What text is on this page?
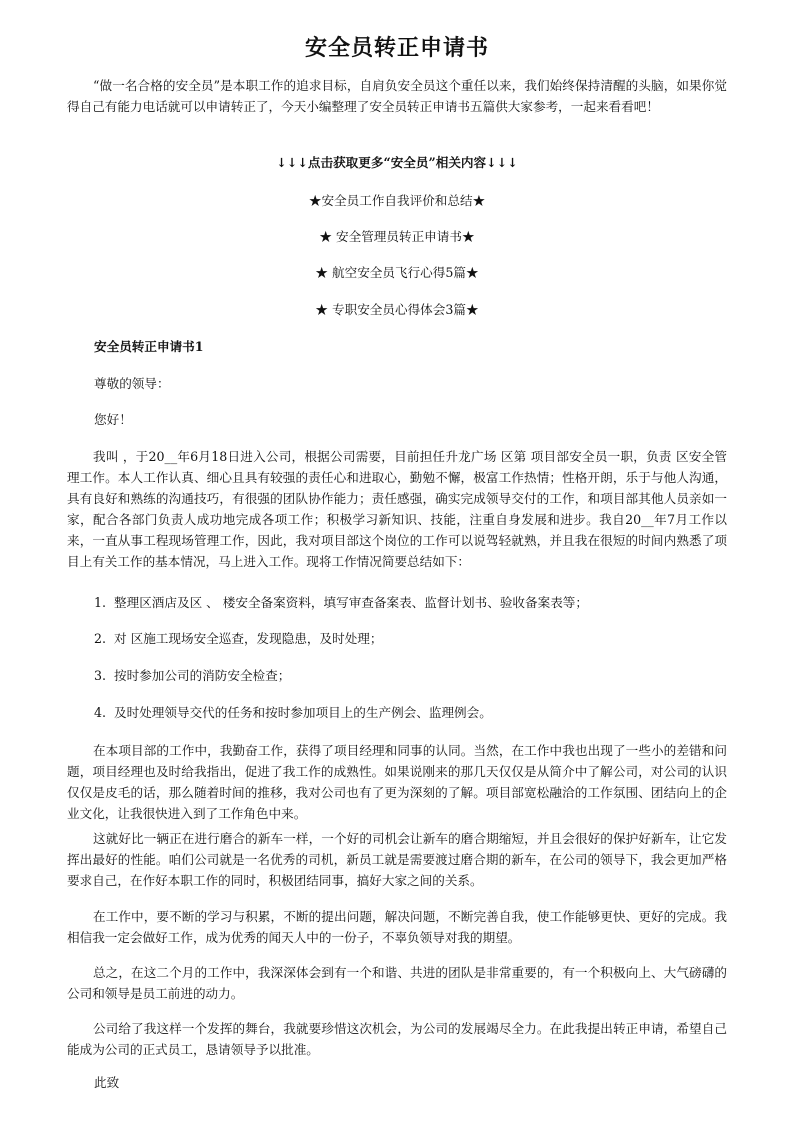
安全员转正申请书

“做一名合格的安全员”是本职工作的追求目标，自肩负安全员这个重任以来，我们始终保持清醒的头脑，如果你觉得自己有能力电话就可以申请转正了，今天小编整理了安全员转正申请书五篇供大家参考，一起来看看吧！

↓↓↓点击获取更多“安全员”相关内容↓↓↓

★安全员工作自我评价和总结★

★ 安全管理员转正申请书★

★ 航空安全员飞行心得5篇★

★ 专职安全员心得体会3篇★

安全员转正申请书1

尊敬的领导：

您好！

我叫 ，于20__年6月18日进入公司，根据公司需要，目前担任升龙广场 区第 项目部安全员一职，负责 区安全管理工作。本人工作认真、细心且具有较强的责任心和进取心，勤勉不懈，极富工作热情；性格开朗，乐于与他人沟通，具有良好和熟练的沟通技巧，有很强的团队协作能力；责任感强，确实完成领导交付的工作，和项目部其他人员亲如一家，配合各部门负责人成功地完成各项工作；积极学习新知识、技能，注重自身发展和进步。我自20__年7月工作以来，一直从事工程现场管理工作，因此，我对项目部这个岗位的工作可以说驾轻就熟，并且我在很短的时间内熟悉了项目上有关工作的基本情况，马上进入工作。现将工作情况简要总结如下：

1. 整理区酒店及区 、 楼安全备案资料，填写审查备案表、监督计划书、验收备案表等；

2. 对 区施工现场安全巡查，发现隐患，及时处理；

3. 按时参加公司的消防安全检查；

4. 及时处理领导交代的任务和按时参加项目上的生产例会、监理例会。

在本项目部的工作中，我勤奋工作，获得了项目经理和同事的认同。当然，在工作中我也出现了一些小的差错和问题，项目经理也及时给我指出，促进了我工作的成熟性。如果说刚来的那几天仅仅是从简介中了解公司，对公司的认识仅仅是皮毛的话，那么随着时间的推移，我对公司也有了更为深刻的了解。项目部宽松融洽的工作氛围、团结向上的企业文化，让我很快进入到了工作角色中来。

这就好比一辆正在进行磨合的新车一样，一个好的司机会让新车的磨合期缩短，并且会很好的保护好新车，让它发挥出最好的性能。咱们公司就是一名优秀的司机，新员工就是需要渡过磨合期的新车，在公司的领导下，我会更加严格要求自己，在作好本职工作的同时，积极团结同事，搞好大家之间的关系。

在工作中，要不断的学习与积累，不断的提出问题，解决问题，不断完善自我，使工作能够更快、更好的完成。我相信我一定会做好工作，成为优秀的闻天人中的一份子，不辜负领导对我的期望。

总之，在这二个月的工作中，我深深体会到有一个和谐、共进的团队是非常重要的，有一个积极向上、大气磅礴的公司和领导是员工前进的动力。

公司给了我这样一个发挥的舞台，我就要珍惜这次机会，为公司的发展竭尽全力。在此我提出转正申请，希望自己能成为公司的正式员工，恳请领导予以批准。

此致
